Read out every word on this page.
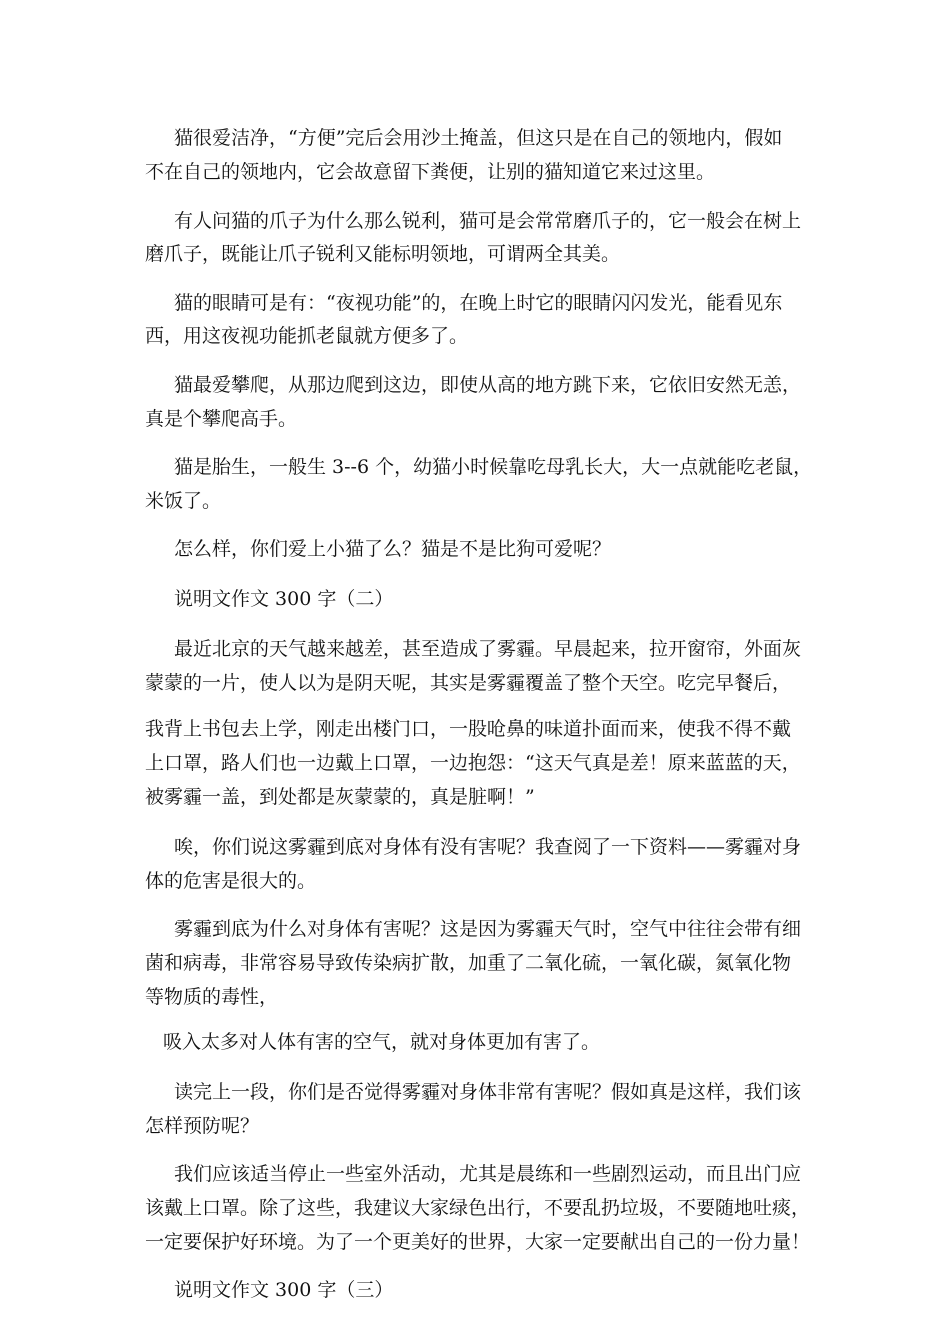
猫很爱洁净，“方便”完后会用沙土掩盖，但这只是在自己的领地内，假如
不在自己的领地内，它会故意留下粪便，让别的猫知道它来过这里。
有人问猫的爪子为什么那么锐利，猫可是会常常磨爪子的，它一般会在树上
磨爪子，既能让爪子锐利又能标明领地，可谓两全其美。
猫的眼睛可是有：“夜视功能”的，在晚上时它的眼睛闪闪发光，能看见东
西，用这夜视功能抓老鼠就方便多了。
猫最爱攀爬，从那边爬到这边，即使从高的地方跳下来，它依旧安然无恙，
真是个攀爬高手。
猫是胎生，一般生 3--6 个，幼猫小时候靠吃母乳长大，大一点就能吃老鼠，
米饭了。
怎么样，你们爱上小猫了么？猫是不是比狗可爱呢？
说明文作文 300 字（二）
最近北京的天气越来越差，甚至造成了雾霾。早晨起来，拉开窗帘，外面灰
蒙蒙的一片，使人以为是阴天呢，其实是雾霾覆盖了整个天空。吃完早餐后，
我背上书包去上学，刚走出楼门口，一股呛鼻的味道扑面而来，使我不得不戴
上口罩，路人们也一边戴上口罩，一边抱怨：“这天气真是差！原来蓝蓝的天，
被雾霾一盖，到处都是灰蒙蒙的，真是脏啊！”
唉，你们说这雾霾到底对身体有没有害呢？我查阅了一下资料——雾霾对身
体的危害是很大的。
雾霾到底为什么对身体有害呢？这是因为雾霾天气时，空气中往往会带有细
菌和病毒，非常容易导致传染病扩散，加重了二氧化硫，一氧化碳，氮氧化物
等物质的毒性，
吸入太多对人体有害的空气，就对身体更加有害了。
读完上一段，你们是否觉得雾霾对身体非常有害呢？假如真是这样，我们该
怎样预防呢？
我们应该适当停止一些室外活动，尤其是晨练和一些剧烈运动，而且出门应
该戴上口罩。除了这些，我建议大家绿色出行，不要乱扔垃圾，不要随地吐痰，
一定要保护好环境。为了一个更美好的世界，大家一定要献出自己的一份力量！
说明文作文 300 字（三）
